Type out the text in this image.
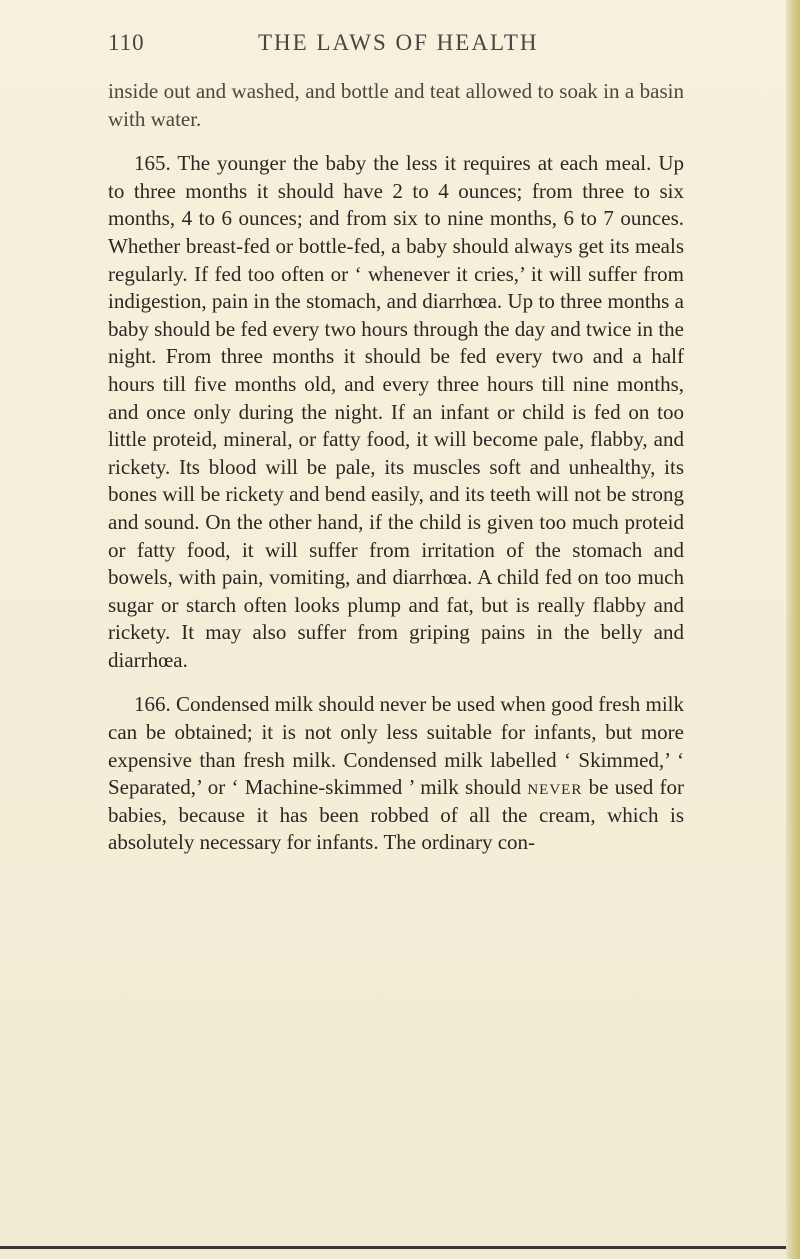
110	THE LAWS OF HEALTH

inside out and washed, and bottle and teat allowed to soak in a basin with water.

165. The younger the baby the less it requires at each meal. Up to three months it should have 2 to 4 ounces; from three to six months, 4 to 6 ounces; and from six to nine months, 6 to 7 ounces. Whether breast-fed or bottle-fed, a baby should always get its meals regularly. If fed too often or ‘ whenever it cries,’ it will suffer from indigestion, pain in the stomach, and diarrhœa. Up to three months a baby should be fed every two hours through the day and twice in the night. From three months it should be fed every two and a half hours till five months old, and every three hours till nine months, and once only during the night. If an infant or child is fed on too little proteid, mineral, or fatty food, it will become pale, flabby, and rickety. Its blood will be pale, its muscles soft and unhealthy, its bones will be rickety and bend easily, and its teeth will not be strong and sound. On the other hand, if the child is given too much proteid or fatty food, it will suffer from irritation of the stomach and bowels, with pain, vomiting, and diarrhœa. A child fed on too much sugar or starch often looks plump and fat, but is really flabby and rickety. It may also suffer from griping pains in the belly and diarrhœa.

166. Condensed milk should never be used when good fresh milk can be obtained; it is not only less suitable for infants, but more expensive than fresh milk. Condensed milk labelled ‘ Skimmed,’ ‘ Separated,’ or ‘ Machine-skimmed ’ milk should never be used for babies, because it has been robbed of all the cream, which is absolutely necessary for infants. The ordinary con-
